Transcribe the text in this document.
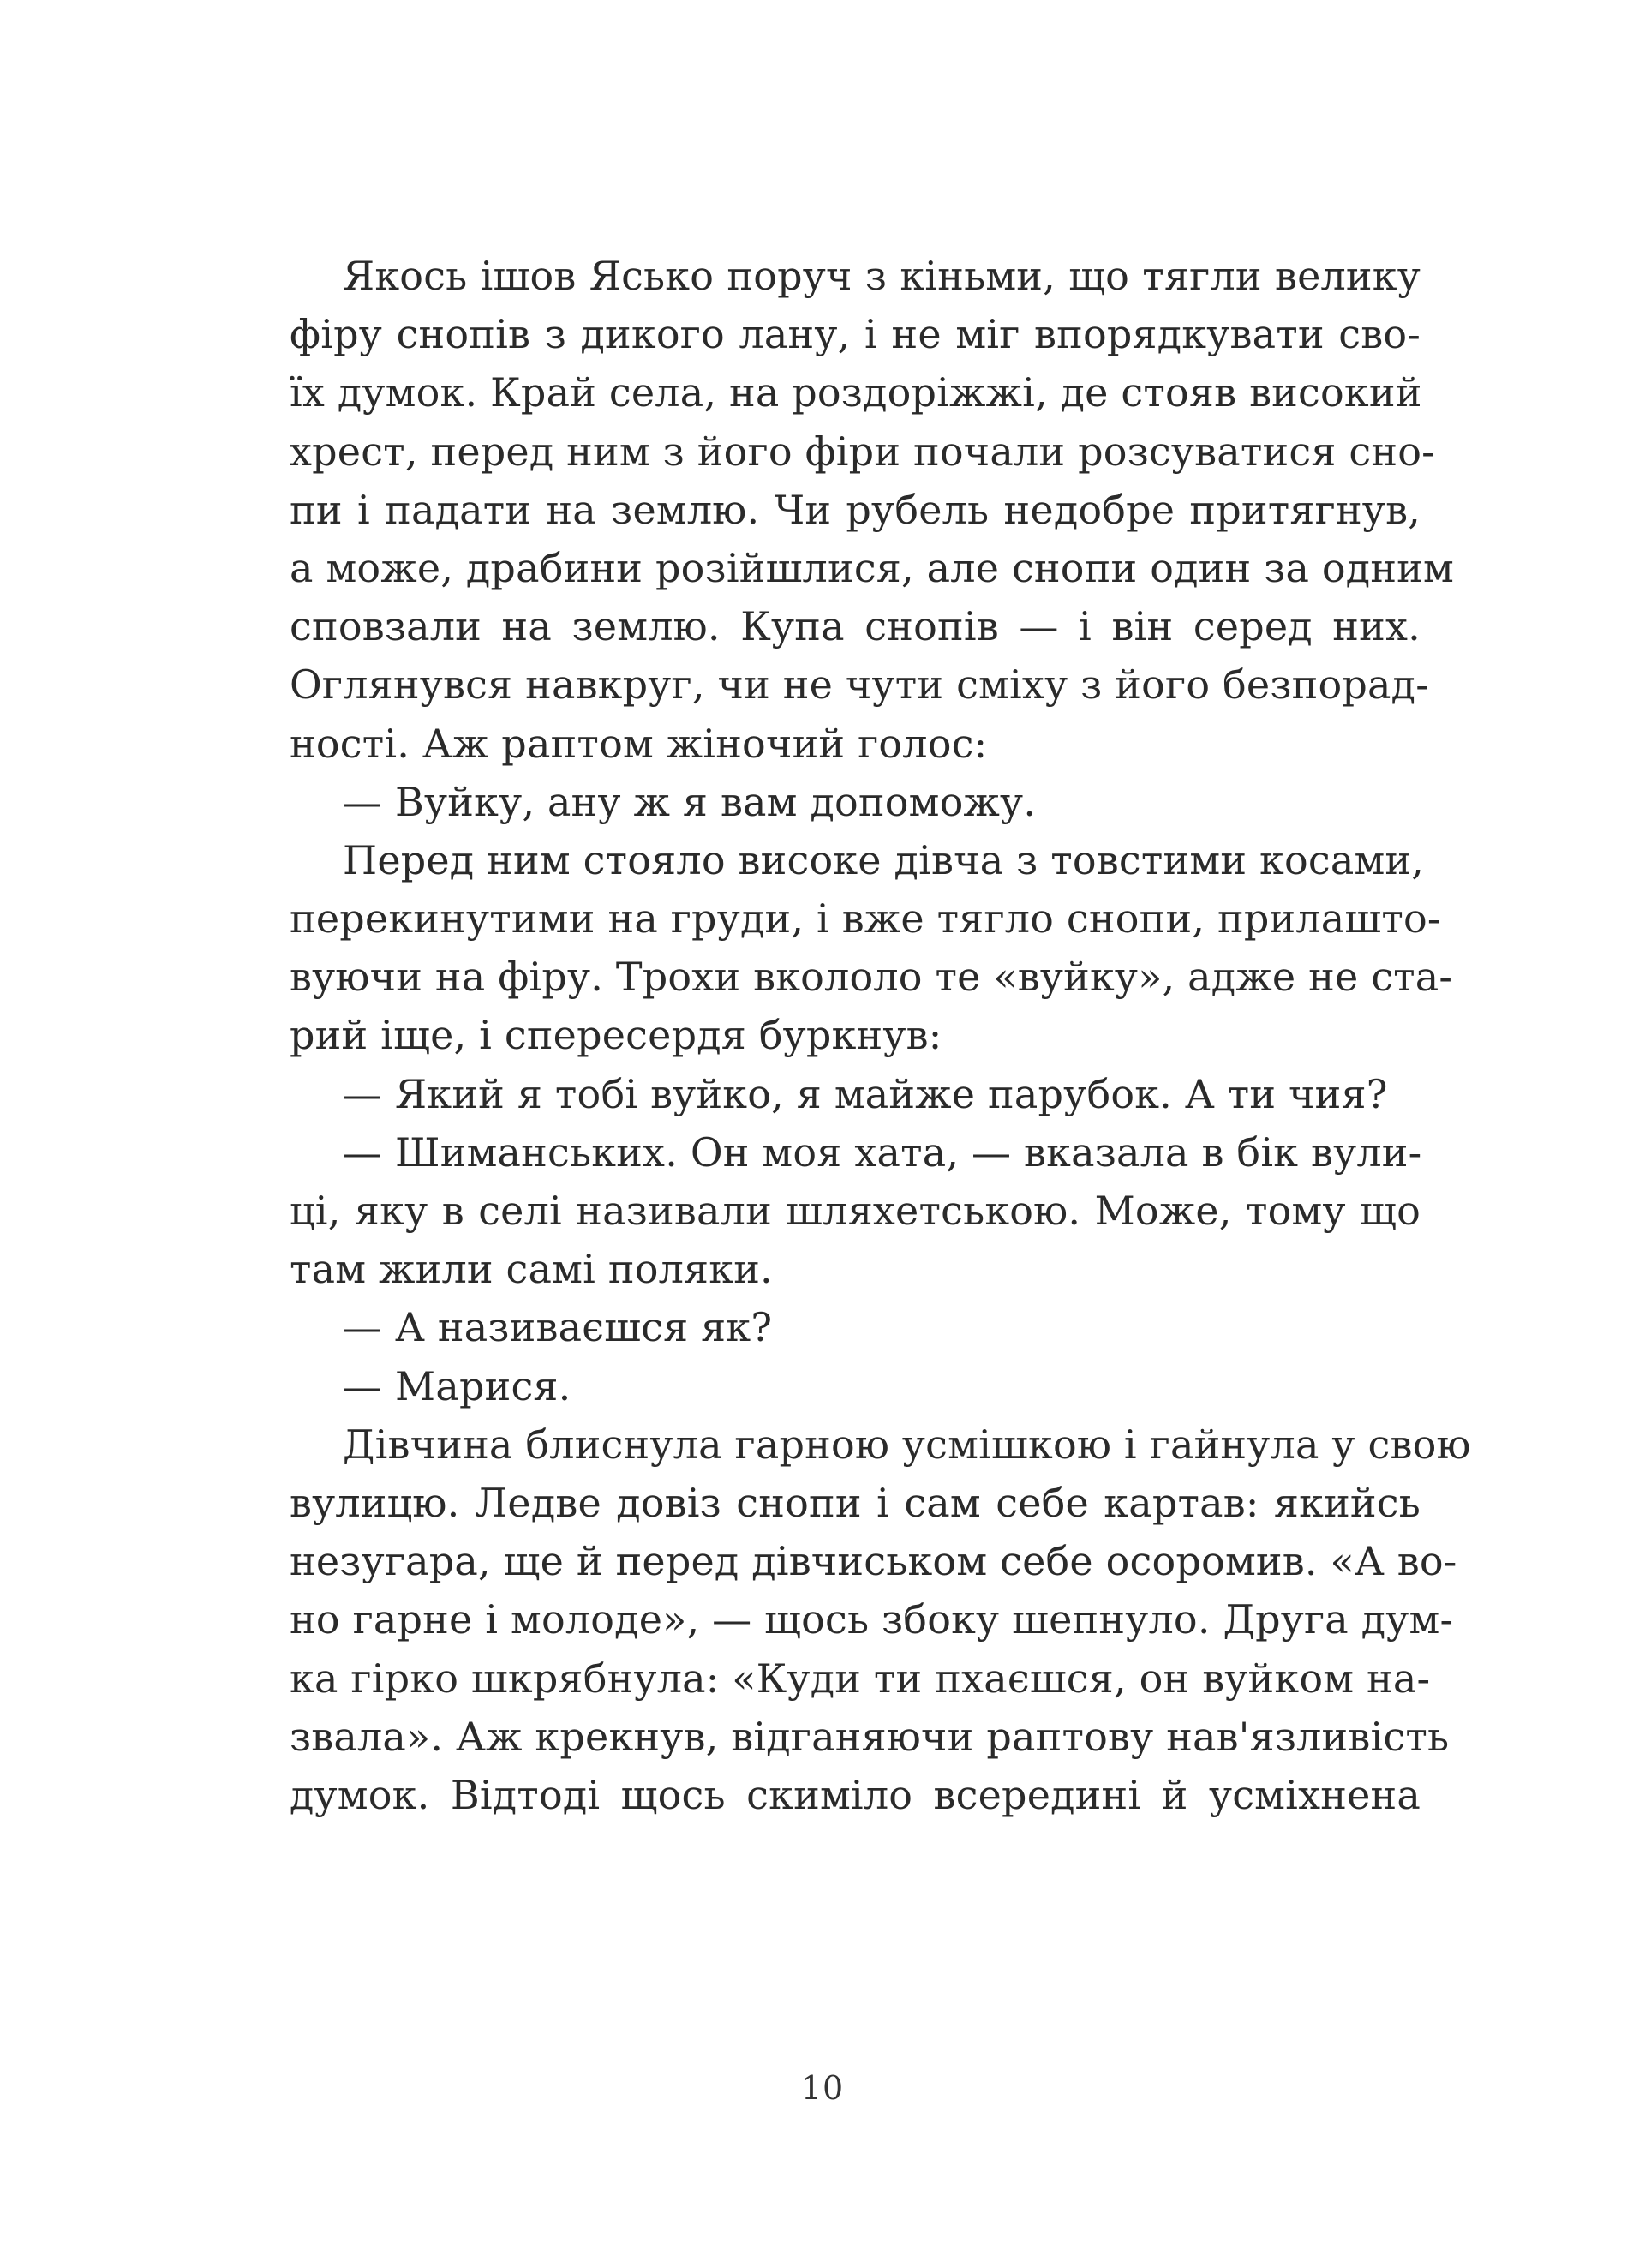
Якось ішов Ясько поруч з кіньми, що тягли велику
фіру снопів з дикого лану, і не міг впорядкувати сво-
їх думок. Край села, на роздоріжжі, де стояв високий
хрест, перед ним з його фіри почали розсуватися сно-
пи і падати на землю. Чи рубель недобре притягнув,
а може, драбини розійшлися, але снопи один за одним
сповзали на землю. Купа снопів — і він серед них.
Оглянувся навкруг, чи не чути сміху з його безпорад-
ності. Аж раптом жіночий голос:
— Вуйку, ану ж я вам допоможу.
Перед ним стояло високе дівча з товстими косами,
перекинутими на груди, і вже тягло снопи, прилашто-
вуючи на фіру. Трохи вкололо те «вуйку», адже не ста-
рий іще, і спересердя буркнув:
— Який я тобі вуйко, я майже парубок. А ти чия?
— Шиманських. Он моя хата, — вказала в бік вули-
ці, яку в селі називали шляхетською. Може, тому що
там жили самі поляки.
— А називаєшся як?
— Марися.
Дівчина блиснула гарною усмішкою і гайнула у свою
вулицю. Ледве довіз снопи і сам себе картав: якийсь
незугара, ще й перед дівчиськом себе осоромив. «А во-
но гарне і молоде», — щось збоку шепнуло. Друга дум-
ка гірко шкрябнула: «Куди ти пхаєшся, он вуйком на-
звала». Аж крекнув, відганяючи раптову нав'язливість
думок. Відтоді щось скиміло всередині й усміхнена
10
